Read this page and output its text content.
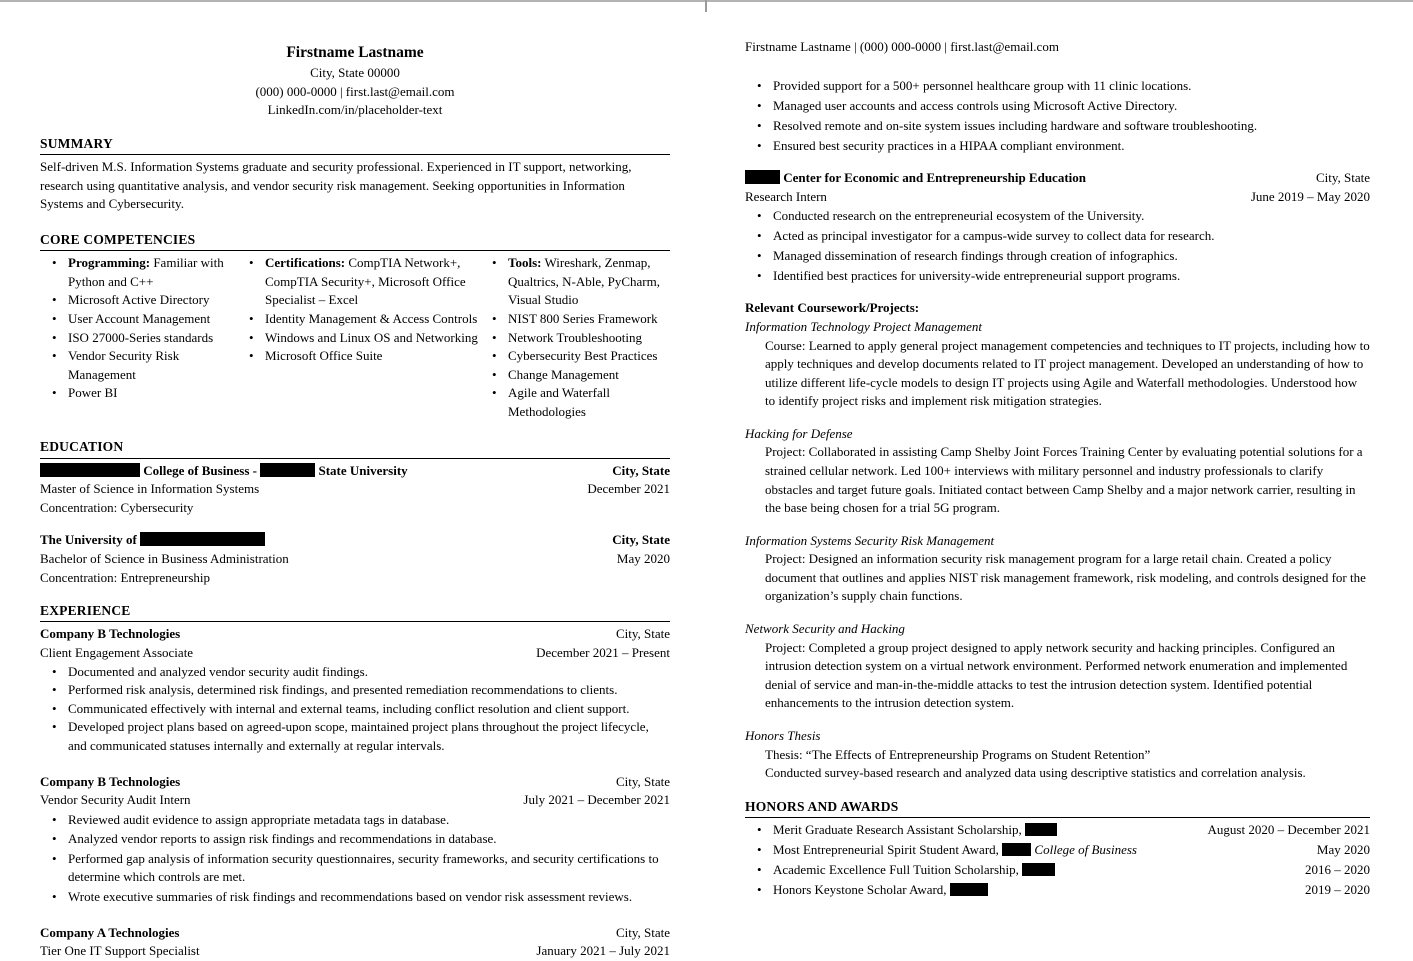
Firstname Lastname
City, State 00000
(000) 000-0000 | first.last@email.com
LinkedIn.com/in/placeholder-text
SUMMARY

Self-driven M.S. Information Systems graduate and security professional. Experienced in IT support, networking, research using quantitative analysis, and vendor security risk management. Seeking opportunities in Information Systems and Cybersecurity.

CORE COMPETENCIES
• Programming: Familiar with Python and C++
• Microsoft Active Directory
• User Account Management
• ISO 27000-Series standards
• Vendor Security Risk Management
• Power BI
• Certifications: CompTIA Network+, CompTIA Security+, Microsoft Office Specialist – Excel
• Identity Management & Access Controls
• Windows and Linux OS and Networking
• Microsoft Office Suite
• Tools: Wireshark, Zenmap, Qualtrics, N-Able, PyCharm, Visual Studio
• NIST 800 Series Framework
• Network Troubleshooting
• Cybersecurity Best Practices
• Change Management
• Agile and Waterfall Methodologies
EDUCATION
College of Business -	State University	City, State
Master of Science in Information Systems	December 2021
Concentration: Cybersecurity
The University of	City, State
Bachelor of Science in Business Administration	May 2020
Concentration: Entrepreneurship
EXPERIENCE
Company B Technologies	City, State
Client Engagement Associate	December 2021 – Present
• Documented and analyzed vendor security audit findings.
• Performed risk analysis, determined risk findings, and presented remediation recommendations to clients.
• Communicated effectively with internal and external teams, including conflict resolution and client support.
• Developed project plans based on agreed-upon scope, maintained project plans throughout the project lifecycle, and communicated statuses internally and externally at regular intervals.
Company B Technologies	City, State
Vendor Security Audit Intern	July 2021 – December 2021
• Reviewed audit evidence to assign appropriate metadata tags in database.
• Analyzed vendor reports to assign risk findings and recommendations in database.
• Performed gap analysis of information security questionnaires, security frameworks, and security certifications to determine which controls are met.
• Wrote executive summaries of risk findings and recommendations based on vendor risk assessment reviews.
Company A Technologies	City, State
Tier One IT Support Specialist	January 2021 – July 2021
Firstname Lastname | (000) 000-0000 | first.last@email.com
• Provided support for a 500+ personnel healthcare group with 11 clinic locations.
• Managed user accounts and access controls using Microsoft Active Directory.
• Resolved remote and on-site system issues including hardware and software troubleshooting.
• Ensured best security practices in a HIPAA compliant environment.
Center for Economic and Entrepreneurship Education	City, State
Research Intern	June 2019 – May 2020
• Conducted research on the entrepreneurial ecosystem of the University.
• Acted as principal investigator for a campus-wide survey to collect data for research.
• Managed dissemination of research findings through creation of infographics.
• Identified best practices for university-wide entrepreneurial support programs.
Relevant Coursework/Projects:
Information Technology Project Management

Course: Learned to apply general project management competencies and techniques to IT projects, including how to apply techniques and develop documents related to IT project management. Developed an understanding of how to utilize different life-cycle models to design IT projects using Agile and Waterfall methodologies. Understood how to identify project risks and implement risk mitigation strategies.

Hacking for Defense

Project: Collaborated in assisting Camp Shelby Joint Forces Training Center by evaluating potential solutions for a strained cellular network. Led 100+ interviews with military personnel and industry professionals to clarify obstacles and target future goals. Initiated contact between Camp Shelby and a major network carrier, resulting in the base being chosen for a trial 5G program.

Information Systems Security Risk Management

Project: Designed an information security risk management program for a large retail chain. Created a policy document that outlines and applies NIST risk management framework, risk modeling, and controls designed for the organization’s supply chain functions.

Network Security and Hacking

Project: Completed a group project designed to apply network security and hacking principles. Configured an intrusion detection system on a virtual network environment. Performed network enumeration and implemented denial of service and man-in-the-middle attacks to test the intrusion detection system. Identified potential enhancements to the intrusion detection system.

Honors Thesis
Thesis: “The Effects of Entrepreneurship Programs on Student Retention”
Conducted survey-based research and analyzed data using descriptive statistics and correlation analysis.
HONORS AND AWARDS
• Merit Graduate Research Assistant Scholarship,	August 2020 – December 2021
• Most Entrepreneurial Spirit Student Award,	College of Business	May 2020
• Academic Excellence Full Tuition Scholarship,	2016 – 2020
• Honors Keystone Scholar Award,	2019 – 2020
